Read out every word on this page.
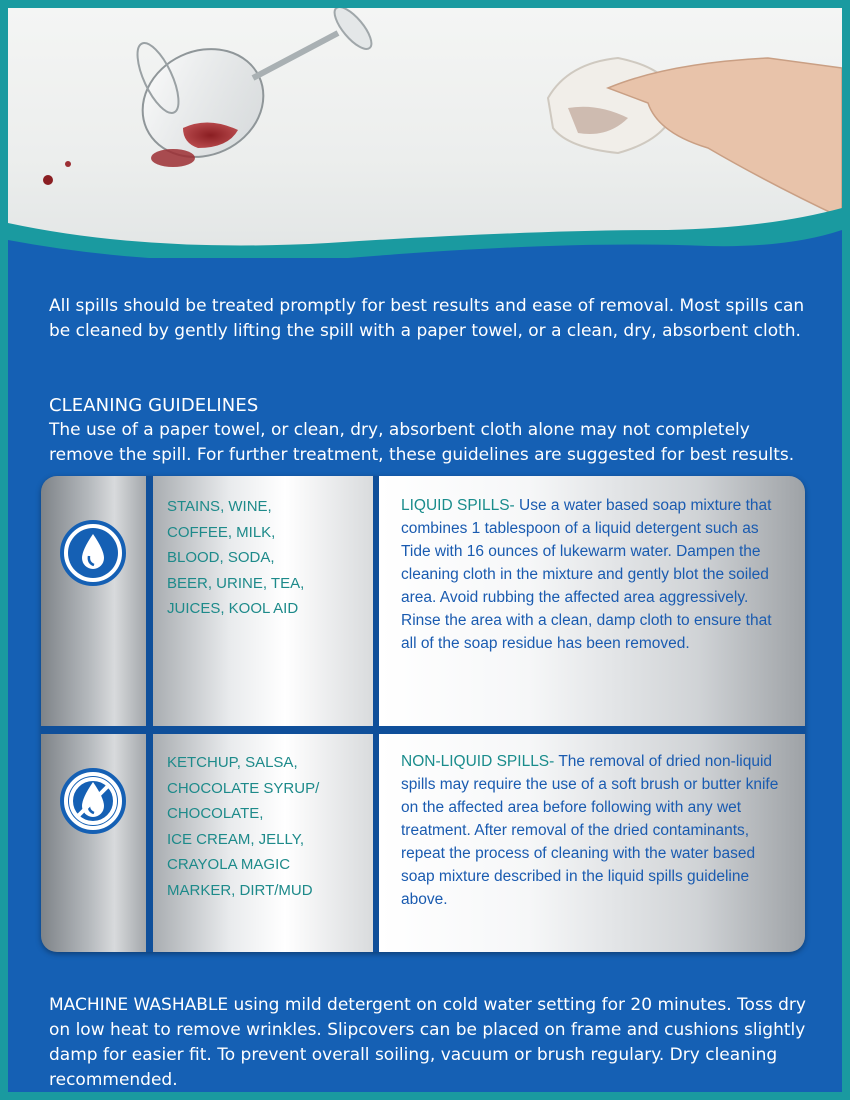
All spills should be treated promptly for best results and ease of removal. Most spills can be cleaned by gently lifting the spill with a paper towel, or a clean, dry, absorbent cloth.
CLEANING GUIDELINES
The use of a paper towel, or clean, dry, absorbent cloth alone may not completely remove the spill. For further treatment, these guidelines are suggested for best results.
STAINS, WINE,
COFFEE, MILK,
BLOOD, SODA,
BEER, URINE, TEA,
JUICES, KOOL AID
LIQUID SPILLS- Use a water based soap mixture that combines 1 tablespoon of a liquid detergent such as Tide with 16 ounces of lukewarm water. Dampen the cleaning cloth in the mixture and gently blot the soiled area. Avoid rubbing the affected area aggressively. Rinse the area with a clean, damp cloth to ensure that all of the soap residue has been removed.
KETCHUP, SALSA,
CHOCOLATE SYRUP/
CHOCOLATE,
ICE CREAM, JELLY,
CRAYOLA MAGIC
MARKER, DIRT/MUD
NON-LIQUID SPILLS- The removal of dried non-liquid spills may require the use of a soft brush or butter knife on the affected area before following with any wet treatment. After removal of the dried contaminants, repeat the process of cleaning with the water based soap mixture described in the liquid spills guideline above.
MACHINE WASHABLE using mild detergent on cold water setting for 20 minutes. Toss dry on low heat to remove wrinkles. Slipcovers can be placed on frame and cushions slightly damp for easier fit. To prevent overall soiling, vacuum or brush regulary. Dry cleaning recommended.
